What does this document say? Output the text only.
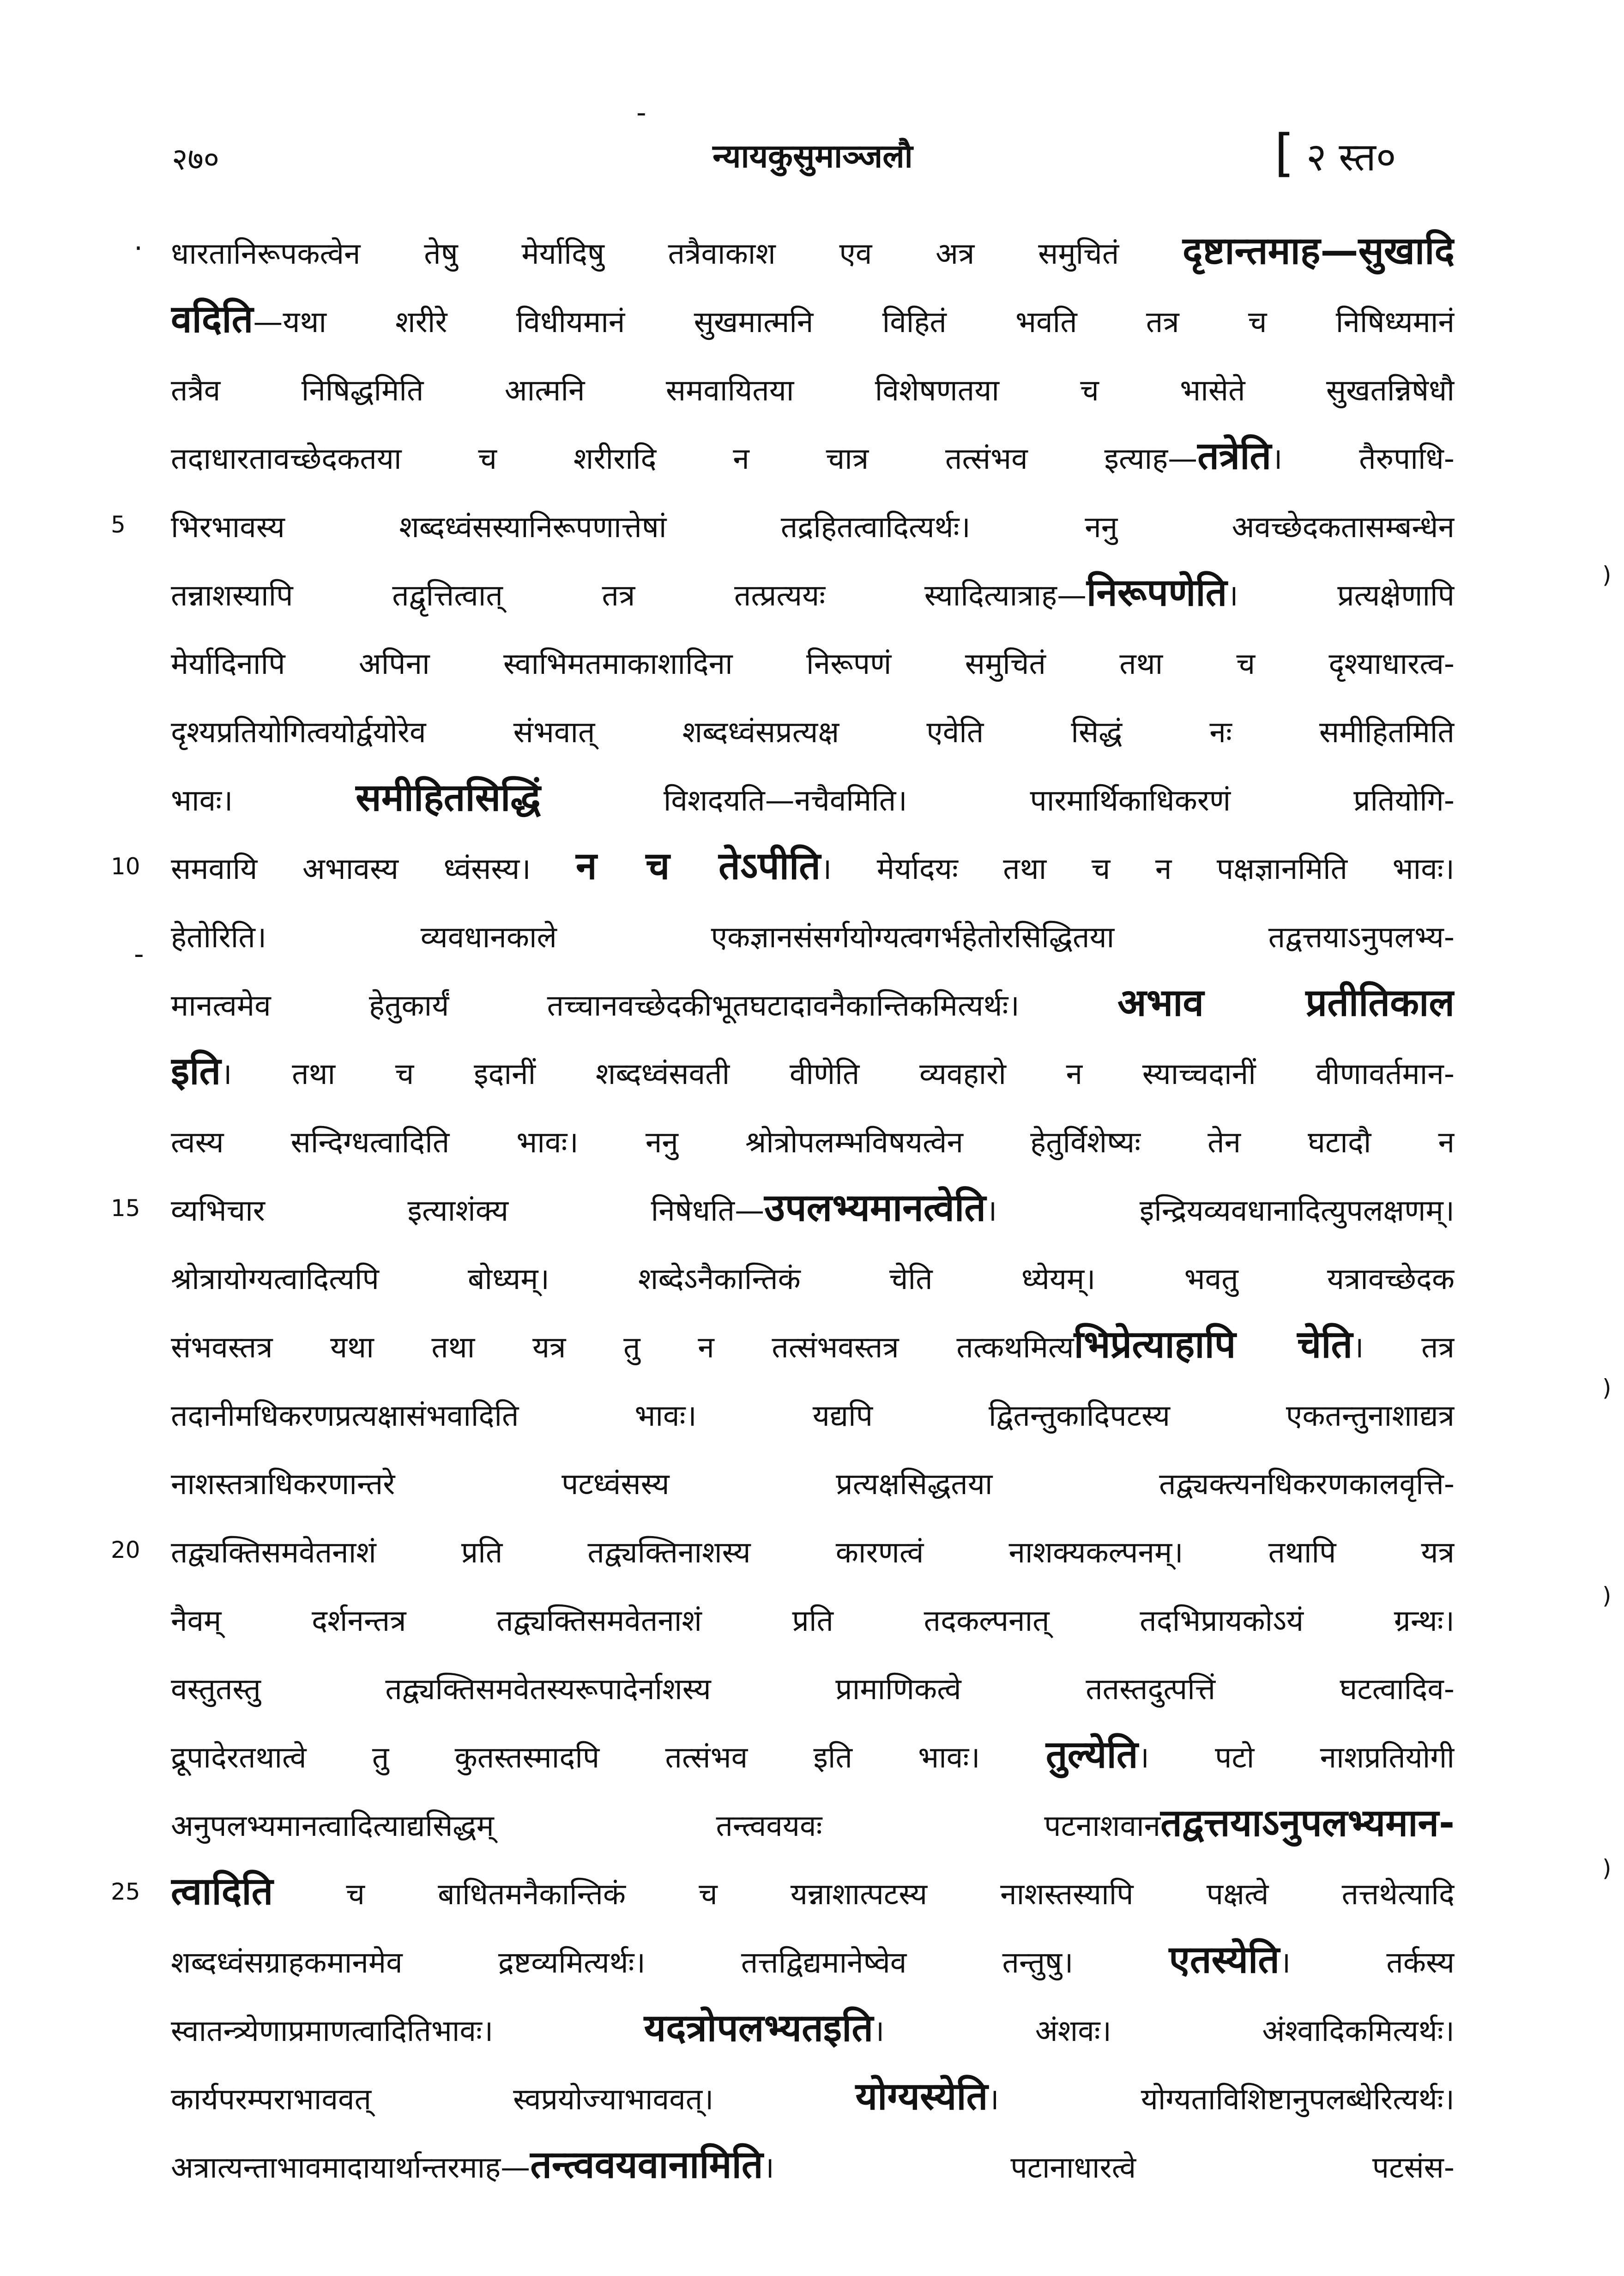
२७०	न्यायकुसुमाञ्जलौ	[ २ स्त०
-
·
-
)
)
)
)
5
10
15
20
25
धारतानिरूपकत्वेन तेषु मेर्यादिषु तत्रैवाकाश एव अत्र समुचितं दृष्टान्तमाह—सुखादि
वदिति—यथा शरीरे विधीयमानं सुखमात्मनि विहितं भवति तत्र च निषिध्यमानं
तत्रैव निषिद्धमिति आत्मनि समवायितया विशेषणतया च भासेते सुखतन्निषेधौ
तदाधारतावच्छेदकतया च शरीरादि न चात्र तत्संभव इत्याह—तत्रेति। तैरुपाधि-
भिरभावस्य शब्दध्वंसस्यानिरूपणात्तेषां तद्रहितत्वादित्यर्थः। ननु अवच्छेदकतासम्बन्धेन
तन्नाशस्यापि तद्वृत्तित्वात् तत्र तत्प्रत्ययः स्यादित्यात्राह—निरूपणेति। प्रत्यक्षेणापि
मेर्यादिनापि अपिना स्वाभिमतमाकाशादिना निरूपणं समुचितं तथा च दृश्याधारत्व-
दृश्यप्रतियोगित्वयोर्द्वयोरेव संभवात् शब्दध्वंसप्रत्यक्ष एवेति सिद्धं नः समीहितमिति
भावः। समीहितसिद्धिं विशदयति—नचैवमिति। पारमार्थिकाधिकरणं प्रतियोगि-
समवायि अभावस्य ध्वंसस्य। न च तेऽपीति। मेर्यादयः तथा च न पक्षज्ञानमिति भावः।
हेतोरिति। व्यवधानकाले एकज्ञानसंसर्गयोग्यत्वगर्भहेतोरसिद्धितया तद्वत्तयाऽनुपलभ्य-
मानत्वमेव हेतुकार्यं तच्चानवच्छेदकीभूतघटादावनैकान्तिकमित्यर्थः। अभाव प्रतीतिकाल
इति। तथा च इदानीं शब्दध्वंसवती वीणेति व्यवहारो न स्याच्चदानीं वीणावर्तमान-
त्वस्य सन्दिग्धत्वादिति भावः। ननु श्रोत्रोपलम्भविषयत्वेन हेतुर्विशेष्यः तेन घटादौ न
व्यभिचार इत्याशंक्य निषेधति—उपलभ्यमानत्वेति। इन्द्रियव्यवधानादित्युपलक्षणम्।
श्रोत्रायोग्यत्वादित्यपि बोध्यम्। शब्देऽनैकान्तिकं चेति ध्येयम्। भवतु यत्रावच्छेदक
संभवस्तत्र यथा तथा यत्र तु न तत्संभवस्तत्र तत्कथमित्यभिप्रेत्याहापि चेति। तत्र
तदानीमधिकरणप्रत्यक्षासंभवादिति भावः। यद्यपि द्वितन्तुकादिपटस्य एकतन्तुनाशाद्यत्र
नाशस्तत्राधिकरणान्तरे पटध्वंसस्य प्रत्यक्षसिद्धतया तद्व्यक्त्यनधिकरणकालवृत्ति-
तद्व्यक्तिसमवेतनाशं प्रति तद्व्यक्तिनाशस्य कारणत्वं नाशक्यकल्पनम्। तथापि यत्र
नैवम् दर्शनन्तत्र तद्व्यक्तिसमवेतनाशं प्रति तदकल्पनात् तदभिप्रायकोऽयं ग्रन्थः।
वस्तुतस्तु तद्व्यक्तिसमवेतस्यरूपादेर्नाशस्य प्रामाणिकत्वे ततस्तदुत्पत्तिं घटत्वादिव-
द्रूपादेरतथात्वे तु कुतस्तस्मादपि तत्संभव इति भावः। तुल्येति। पटो नाशप्रतियोगी
अनुपलभ्यमानत्वादित्याद्यसिद्धम् तन्त्ववयवः पटनाशवानतद्वत्तयाऽनुपलभ्यमान-
त्वादिति च बाधितमनैकान्तिकं च यन्नाशात्पटस्य नाशस्तस्यापि पक्षत्वे तत्तथेत्यादि
शब्दध्वंसग्राहकमानमेव द्रष्टव्यमित्यर्थः। तत्तद्विद्यमानेष्वेव तन्तुषु। एतस्येति। तर्कस्य
स्वातन्त्र्येणाप्रमाणत्वादितिभावः। यदत्रोपलभ्यतइति। अंशवः। अंश्वादिकमित्यर्थः।
कार्यपरम्पराभाववत् स्वप्रयोज्याभाववत्। योग्यस्येति। योग्यताविशिष्टानुपलब्धेरित्यर्थः।
अत्रात्यन्ताभावमादायार्थान्तरमाह—तन्त्ववयवानामिति। पटानाधारत्वे पटसंस-
